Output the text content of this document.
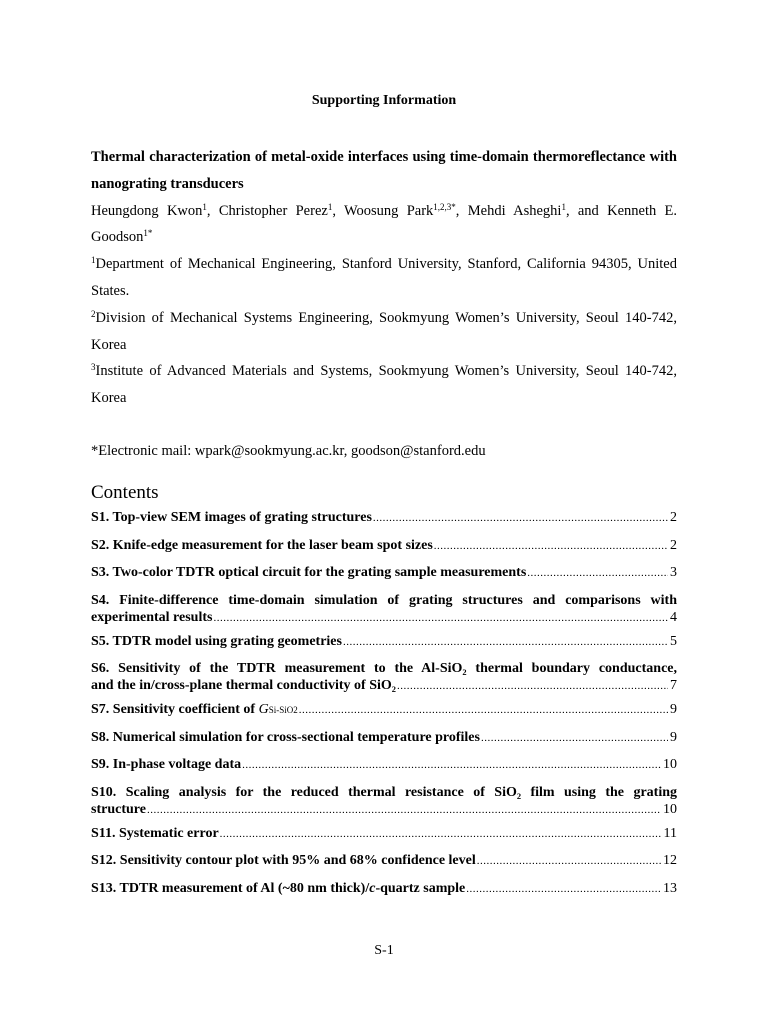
Supporting Information

Thermal characterization of metal-oxide interfaces using time-domain thermoreflectance with nanograting transducers

Heungdong Kwon$^1$, Christopher Perez$^1$, Woosung Park$^{1,2,3*}$, Mehdi Asheghi$^1$, and Kenneth E. Goodson$^{1*}$

$^1$Department of Mechanical Engineering, Stanford University, Stanford, California 94305, United States.

$^2$Division of Mechanical Systems Engineering, Sookmyung Women’s University, Seoul 140-742, Korea

$^3$Institute of Advanced Materials and Systems, Sookmyung Women’s University, Seoul 140-742, Korea

*Electronic mail: wpark@sookmyung.ac.kr, goodson@stanford.edu

Contents
S1. Top-view SEM images of grating structures .....	2
S2. Knife-edge measurement for the laser beam spot sizes .....	2
S3. Two-color TDTR optical circuit for the grating sample measurements .....	3
S4. Finite-difference time-domain simulation of grating structures and comparisons with
experimental results .....	4
S5. TDTR model using grating geometries .....	5
S6. Sensitivity of the TDTR measurement to the Al-SiO₂ thermal boundary conductance,
and the in/cross-plane thermal conductivity of SiO₂ .....	7
S7. Sensitivity coefficient of
G Si-SiO2 .....	9
S8. Numerical simulation for cross-sectional temperature profiles .....	9
S9. In-phase voltage data .....	10
S10. Scaling analysis for the reduced thermal resistance of SiO₂ film using the grating
structure .....	10
S11. Systematic error .....	11
S12. Sensitivity contour plot with 95% and 68% confidence level .....	12
S13. TDTR measurement of Al (~80 nm thick)/ c -quartz sample .....	13
S-1
